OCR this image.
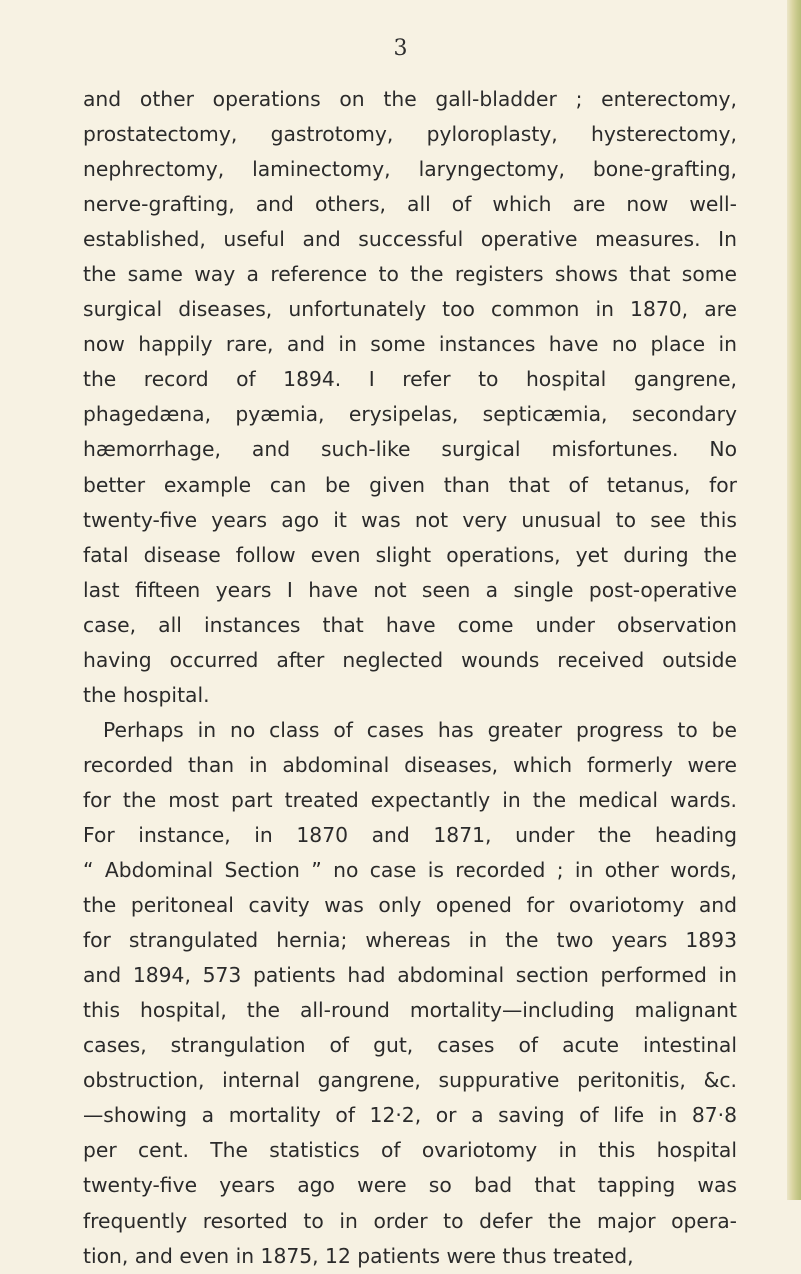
3
and other operations on the gall-bladder ; enterectomy,
prostatectomy, gastrotomy, pyloroplasty, hysterectomy,
nephrectomy, laminectomy, laryngectomy, bone-grafting,
nerve-grafting, and others, all of which are now well-
established, useful and successful operative measures. In
the same way a reference to the registers shows that some
surgical diseases, unfortunately too common in 1870, are
now happily rare, and in some instances have no place in
the record of 1894. I refer to hospital gangrene,
phagedæna, pyæmia, erysipelas, septicæmia, secondary
hæmorrhage, and such-like surgical misfortunes. No
better example can be given than that of tetanus, for
twenty-five years ago it was not very unusual to see this
fatal disease follow even slight operations, yet during the
last fifteen years I have not seen a single post-operative
case, all instances that have come under observation
having occurred after neglected wounds received outside
the hospital.
Perhaps in no class of cases has greater progress to be
recorded than in abdominal diseases, which formerly were
for the most part treated expectantly in the medical wards.
For instance, in 1870 and 1871, under the heading
“ Abdominal Section ” no case is recorded ; in other words,
the peritoneal cavity was only opened for ovariotomy and
for strangulated hernia; whereas in the two years 1893
and 1894, 573 patients had abdominal section performed in
this hospital, the all-round mortality—including malignant
cases, strangulation of gut, cases of acute intestinal
obstruction, internal gangrene, suppurative peritonitis, &c.
—showing a mortality of 12·2, or a saving of life in 87·8
per cent. The statistics of ovariotomy in this hospital
twenty-five years ago were so bad that tapping was
frequently resorted to in order to defer the major opera-
tion, and even in 1875, 12 patients were thus treated,
